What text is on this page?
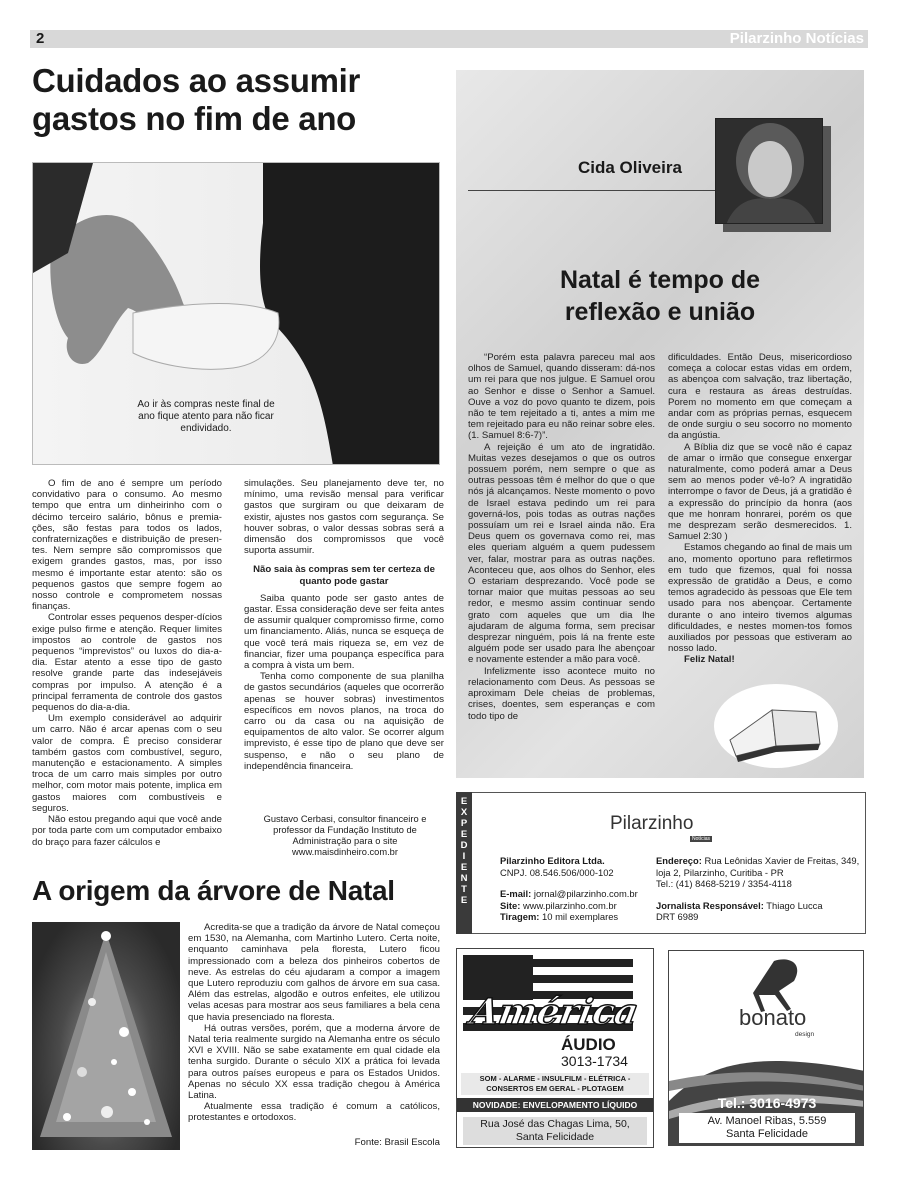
2	Pilarzinho Notícias
Cuidados ao assumir gastos no fim de ano
Ao ir às compras neste final de ano fique atento para não ficar endividado.

O fim de ano é sempre um período convidativo para o consumo. Ao mesmo tempo que entra um dinheirinho com o décimo terceiro salário, bônus e premia-ções, são festas para todos os lados, confraternizações e distribuição de presen-tes. Nem sempre são compromissos que exigem grandes gastos, mas, por isso mesmo é importante estar atento: são os pequenos gastos que sempre fogem ao nosso controle e comprometem nossas finanças.

Controlar esses pequenos desper-dícios exige pulso firme e atenção. Requer limites impostos ao controle de gastos nos pequenos “imprevistos” ou luxos do dia-a-dia. Estar atento a esse tipo de gasto resolve grande parte das indesejáveis compras por impulso. A atenção é a principal ferramenta de controle dos gastos pequenos do dia-a-dia.

Um exemplo considerável ao adquirir um carro. Não é arcar apenas com o seu valor de compra. É preciso considerar também gastos com combustível, seguro, manutenção e estacionamento. A simples troca de um carro mais simples por outro melhor, com motor mais potente, implica em gastos maiores com combustíveis e seguros.

Não estou pregando aqui que você ande por toda parte com um computador embaixo do braço para fazer cálculos e

simulações. Seu planejamento deve ter, no mínimo, uma revisão mensal para verificar gastos que surgiram ou que deixaram de existir, ajustes nos gastos com segurança. Se houver sobras, o valor dessas sobras será a dimensão dos compromissos que você suporta assumir.

Não saia às compras sem ter certeza de quanto pode gastar

Saiba quanto pode ser gasto antes de gastar. Essa consideração deve ser feita antes de assumir qualquer compromisso firme, como um financiamento. Aliás, nunca se esqueça de que você terá mais riqueza se, em vez de financiar, fizer uma poupança específica para a compra à vista um bem.

Tenha como componente de sua planilha de gastos secundários (aqueles que ocorrerão apenas se houver sobras) investimentos específicos em novos planos, na troca do carro ou da casa ou na aquisição de equipamentos de alto valor. Se ocorrer algum imprevisto, é esse tipo de plano que deve ser suspenso, e não o seu plano de independência financeira.

Gustavo Cerbasi, consultor financeiro e professor da Fundação Instituto de Administração para o site www.maisdinheiro.com.br
A origem da árvore de Natal

Acredita-se que a tradição da árvore de Natal começou em 1530, na Alemanha, com Martinho Lutero. Certa noite, enquanto caminhava pela floresta, Lutero ficou impressionado com a beleza dos pinheiros cobertos de neve. As estrelas do céu ajudaram a compor a imagem que Lutero reproduziu com galhos de árvore em sua casa. Além das estrelas, algodão e outros enfeites, ele utilizou velas acesas para mostrar aos seus familiares a bela cena que havia presenciado na floresta.

Há outras versões, porém, que a moderna árvore de Natal teria realmente surgido na Alemanha entre os século XVI e XVIII. Não se sabe exatamente em qual cidade ela tenha surgido. Durante o século XIX a prática foi levada para outros países europeus e para os Estados Unidos. Apenas no século XX essa tradição chegou à América Latina.

Atualmente essa tradição é comum a católicos, protestantes e ortodoxos.

Fonte: Brasil Escola
Cida Oliveira
Natal é tempo de reflexão e união

“Porém esta palavra pareceu mal aos olhos de Samuel, quando disseram: dá-nos um rei para que nos julgue. E Samuel orou ao Senhor e disse o Senhor a Samuel. Ouve a voz do povo quanto te dizem, pois não te tem rejeitado a ti, antes a mim me tem rejeitado para eu não reinar sobre eles. (1. Samuel 8:6-7)”.

A rejeição é um ato de ingratidão. Muitas vezes desejamos o que os outros possuem porém, nem sempre o que as outras pessoas têm é melhor do que o que nós já alcançamos. Neste momento o povo de Israel estava pedindo um rei para governá-los, pois todas as outras nações possuíam um rei e Israel ainda não. Era Deus quem os governava como rei, mas eles queriam alguém a quem pudessem ver, falar, mostrar para as outras nações. Aconteceu que, aos olhos do Senhor, eles O estariam desprezando. Você pode se tornar maior que muitas pessoas ao seu redor, e mesmo assim continuar sendo grato com aqueles que um dia lhe ajudaram de alguma forma, sem precisar desprezar ninguém, pois lá na frente este alguém pode ser usado para lhe abençoar e novamente estender a mão para você.

Infelizmente isso acontece muito no relacionamento com Deus. As pessoas se aproximam Dele cheias de problemas, crises, doentes, sem esperanças e com todo tipo de

dificuldades. Então Deus, misericordioso começa a colocar estas vidas em ordem, as abençoa com salvação, traz libertação, cura e restaura as áreas destruídas. Porem no momento em que começam a andar com as próprias pernas, esquecem de onde surgiu o seu socorro no momento da angústia.

A Bíblia diz que se você não é capaz de amar o irmão que consegue enxergar naturalmente, como poderá amar a Deus sem ao menos poder vê-lo? A ingratidão interrompe o favor de Deus, já a gratidão é a expressão do princípio da honra (aos que me honram honrarei, porém os que me desprezam serão desmerecidos. 1. Samuel 2:30 )

Estamos chegando ao final de mais um ano, momento oportuno para refletirmos em tudo que fizemos, qual foi nossa expressão de gratidão a Deus, e como temos agradecido às pessoas que Ele tem usado para nos abençoar. Certamente durante o ano inteiro tivemos algumas dificuldades, e nestes momen-tos fomos auxiliados por pessoas que estiveram ao nosso lado.

Feliz Natal!

E
X
P
E
D
I
E
N
T
E
Pilarzinho
Notícias
Pilarzinho Editora Ltda.
CNPJ. 08.546.506/000-102
E-mail: jornal@pilarzinho.com.br
Site: www.pilarzinho.com.br
Tiragem: 10 mil exemplares
Endereço: Rua Leônidas Xavier de Freitas, 349, loja 2, Pilarzinho, Curitiba - PR
Tel.: (41) 8468-5219 / 3354-4118
Jornalista Responsável: Thiago Lucca
DRT 6989
América
ÁUDIO
3013-1734
SOM - ALARME - INSULFILM - ELÉTRICA - CONSERTOS EM GERAL - PLOTAGEM
NOVIDADE: ENVELOPAMENTO LÍQUIDO
Rua José das Chagas Lima, 50,
Santa Felicidade
bonato
design
Tel.: 3016-4973
Av. Manoel Ribas, 5.559
Santa Felicidade
